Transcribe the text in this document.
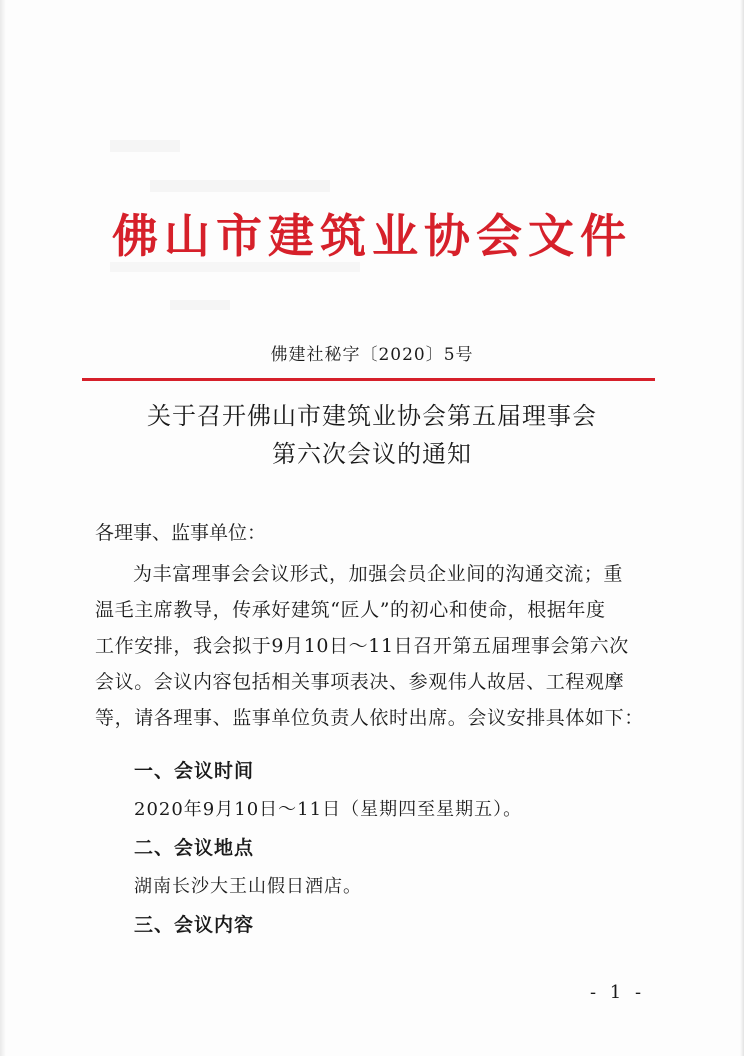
佛山市建筑业协会文件
佛建社秘字〔2020〕5号
关于召开佛山市建筑业协会第五届理事会
第六次会议的通知
各理事、监事单位：
为丰富理事会会议形式，加强会员企业间的沟通交流；重
温毛主席教导，传承好建筑“匠人”的初心和使命，根据年度
工作安排，我会拟于9月10日～11日召开第五届理事会第六次
会议。会议内容包括相关事项表决、参观伟人故居、工程观摩
等，请各理事、监事单位负责人依时出席。会议安排具体如下：
一、会议时间
2020年9月10日～11日（星期四至星期五）。
二、会议地点
湖南长沙大王山假日酒店。
三、会议内容
- 1 -
